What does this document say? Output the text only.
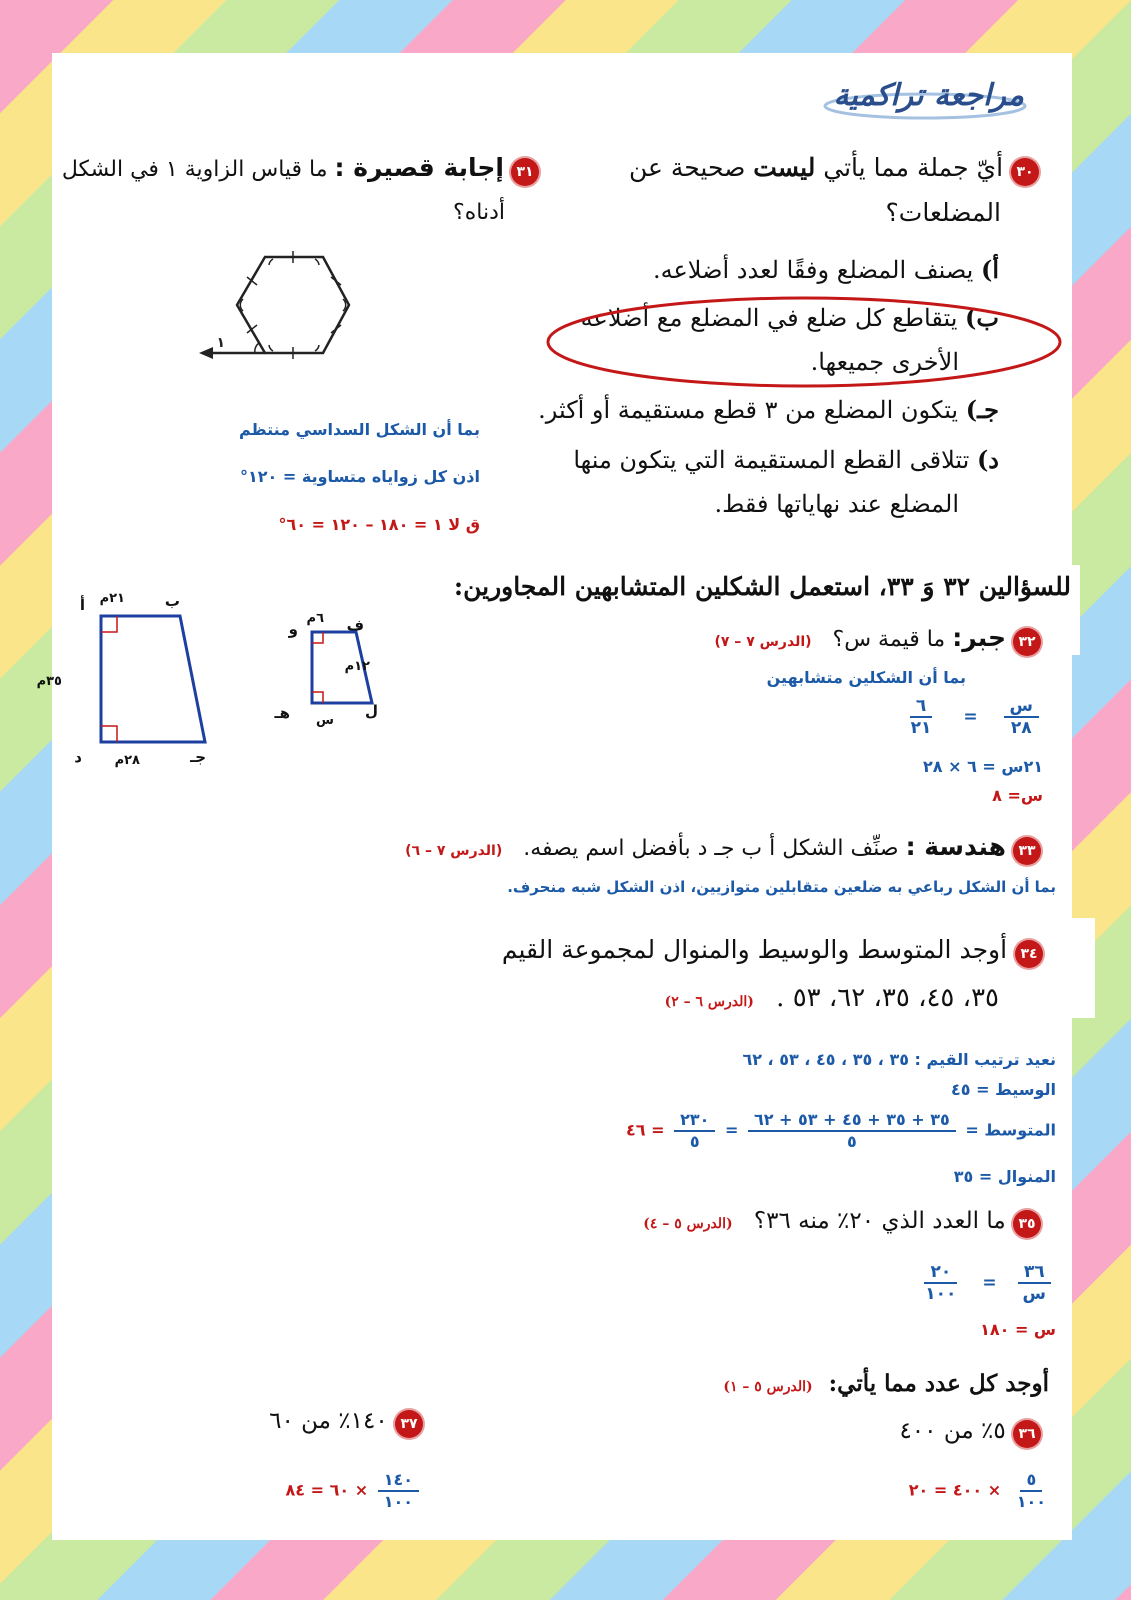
مراجعة تراكمية
٣٠ أيّ جملة مما يأتي ليست صحيحة عن
المضلعات؟
أ) يصنف المضلع وفقًا لعدد أضلاعه.
ب) يتقاطع كل ضلع في المضلع مع أضلاعه
الأخرى جميعها.
جـ) يتكون المضلع من ٣ قطع مستقيمة أو أكثر.
د) تتلاقى القطع المستقيمة التي يتكون منها
المضلع عند نهاياتها فقط.
٣١ إجابة قصيرة : ما قياس الزاوية ١ في الشكل
أدناه؟
١
بما أن الشكل السداسي منتظم
اذن كل زواياه متساوية = ١٢٠°
ق لا ١ = ١٨٠ – ١٢٠ = ٦٠°
للسؤالين ٣٢ وَ ٣٣، استعمل الشكلين المتشابهين المجاورين:
أ	ب
جـ
د
٢١م
٣٥م
٢٨م
ف
و
هـ	ل
٦م
١٢م
س
٣٢ جبر: ما قيمة س؟ (الدرس ٧ – ٧)
بما أن الشكلين متشابهين
$\frac{\text{س}}{٢٨}$
=
$\frac{٦}{٢١}$
٢١س = ٦ × ٢٨
س= ٨
٣٣ هندسة : صنِّف الشكل أ ب جـ د بأفضل اسم يصفه. (الدرس ٧ – ٦)
بما أن الشكل رباعي به ضلعين متقابلين متوازيين، اذن الشكل شبه منحرف.
٣٤ أوجد المتوسط والوسيط والمنوال لمجموعة القيم
٣٥، ٤٥، ٣٥، ٦٢، ٥٣ . (الدرس ٦ – ٢)
نعيد ترتيب القيم : ٣٥ ، ٣٥ ، ٤٥ ، ٥٣ ، ٦٢
الوسيط = ٤٥
المتوسط =
$\frac{٣٥ + ٣٥ + ٤٥ + ٥٣ + ٦٢}{٥}$
=
$\frac{٢٣٠}{٥}$
= ٤٦
المنوال = ٣٥
٣٥ ما العدد الذي ٢٠٪ منه ٣٦؟ (الدرس ٥ – ٤)
$\frac{٣٦}{\text{س}}$
=
$\frac{٢٠}{١٠٠}$
س = ١٨٠
أوجد كل عدد مما يأتي: (الدرس ٥ – ١)
٣٦ ٥٪ من ٤٠٠
$\frac{٥}{١٠٠}$
× ٤٠٠ = ٢٠
٣٧ ١٤٠٪ من ٦٠
$\frac{١٤٠}{١٠٠}$
× ٦٠ = ٨٤
